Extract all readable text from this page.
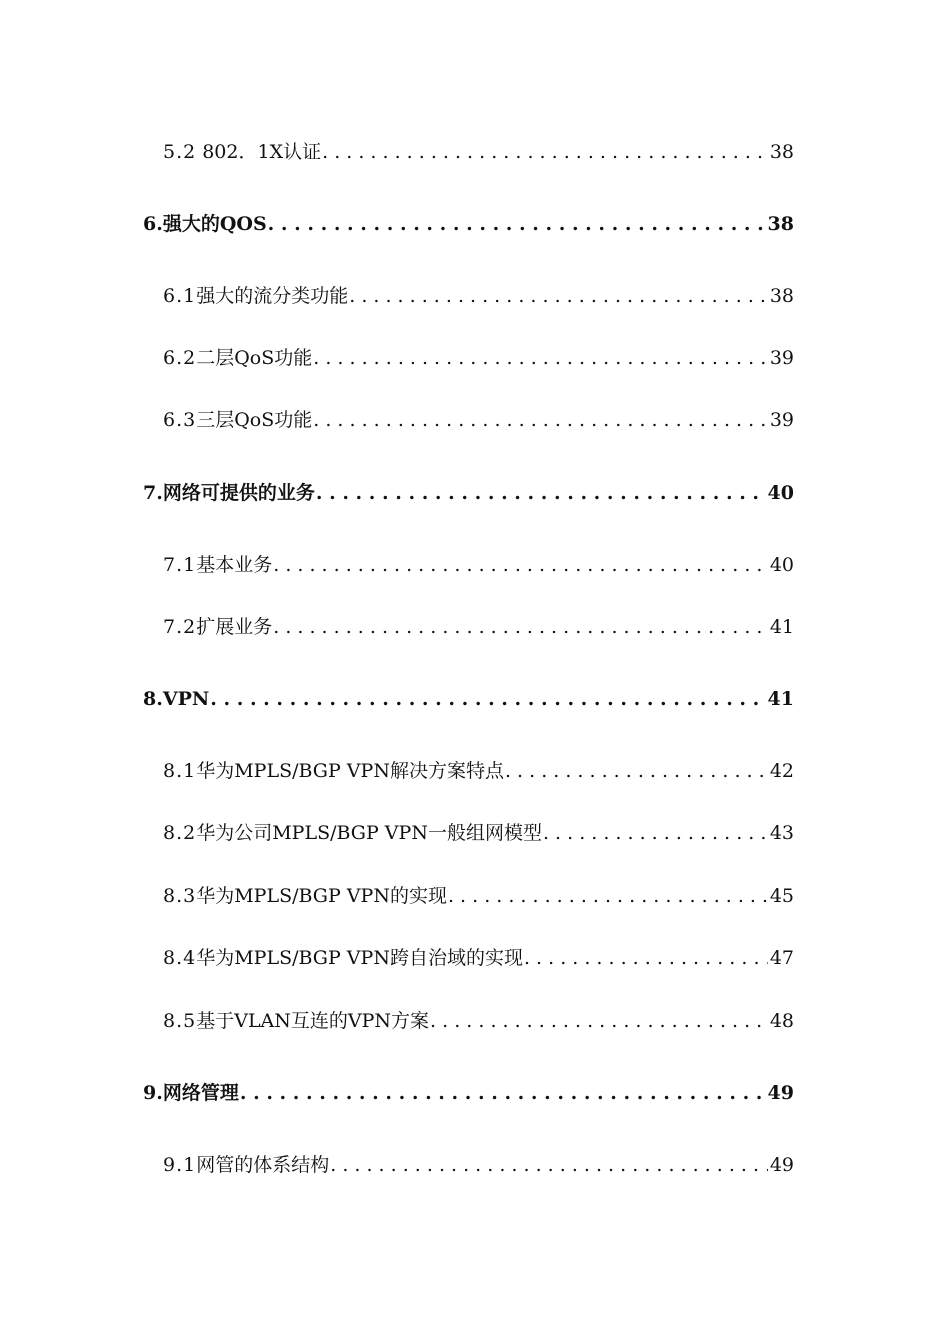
5.2 802．1X认证 . . .	38
6. 强大的QOS . . .	38
6.1 强大的流分类功能 . . .	38
6.2 二层QoS功能 . . .	39
6.3 三层QoS功能 . . .	39
7. 网络可提供的业务 . . .	40
7.1 基本业务 . . .	40
7.2 扩展业务 . . .	41
8. VPN . . .	41
8.1 华为MPLS/BGP VPN解决方案特点 . . .	42
8.2 华为公司MPLS/BGP VPN一般组网模型 . . .	43
8.3 华为MPLS/BGP VPN的实现 . . .	45
8.4 华为MPLS/BGP VPN跨自治域的实现 . . .	47
8.5 基于VLAN互连的VPN方案 . . .	48
9. 网络管理 . . .	49
9.1 网管的体系结构 . . .	49
